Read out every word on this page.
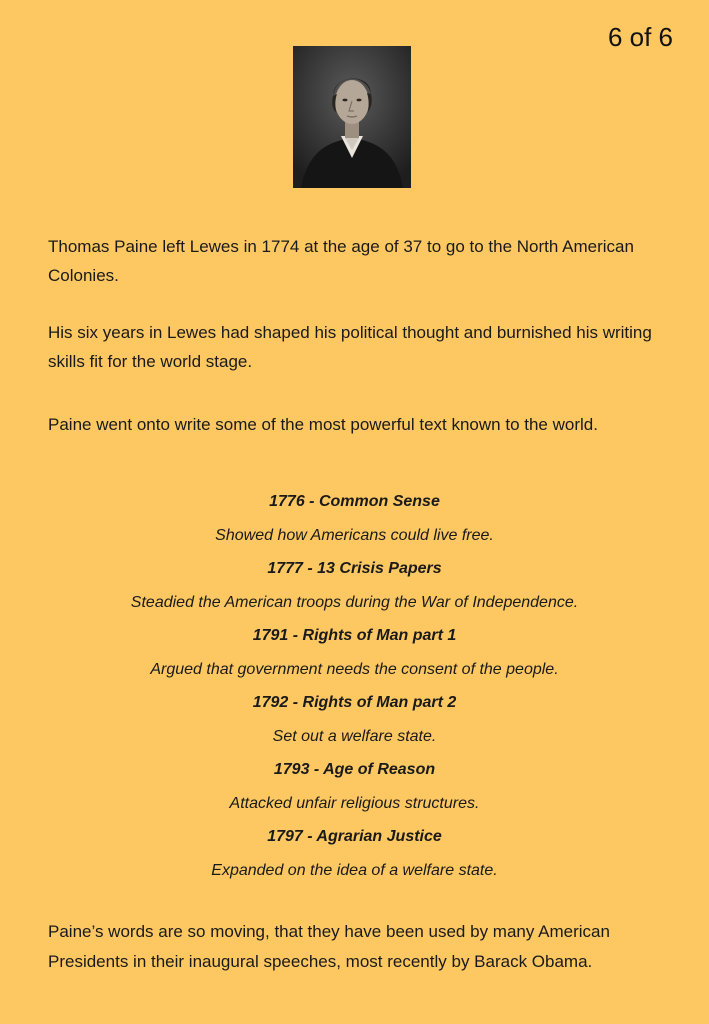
6 of 6

Thomas Paine left Lewes in 1774 at the age of 37 to go to the North American Colonies.

His six years in Lewes had shaped his political thought and burnished his writing skills fit for the world stage.

Paine went onto write some of the most powerful text known to the world.

1776 - Common Sense
Showed how Americans could live free.
1777 - 13 Crisis Papers
Steadied the American troops during the War of Independence.
1791 - Rights of Man part 1
Argued that government needs the consent of the people.
1792 - Rights of Man part 2
Set out a welfare state.
1793 - Age of Reason
Attacked unfair religious structures.
1797 - Agrarian Justice
Expanded on the idea of a welfare state.

Paine’s words are so moving, that they have been used by many American Presidents in their inaugural speeches, most recently by Barack Obama.
